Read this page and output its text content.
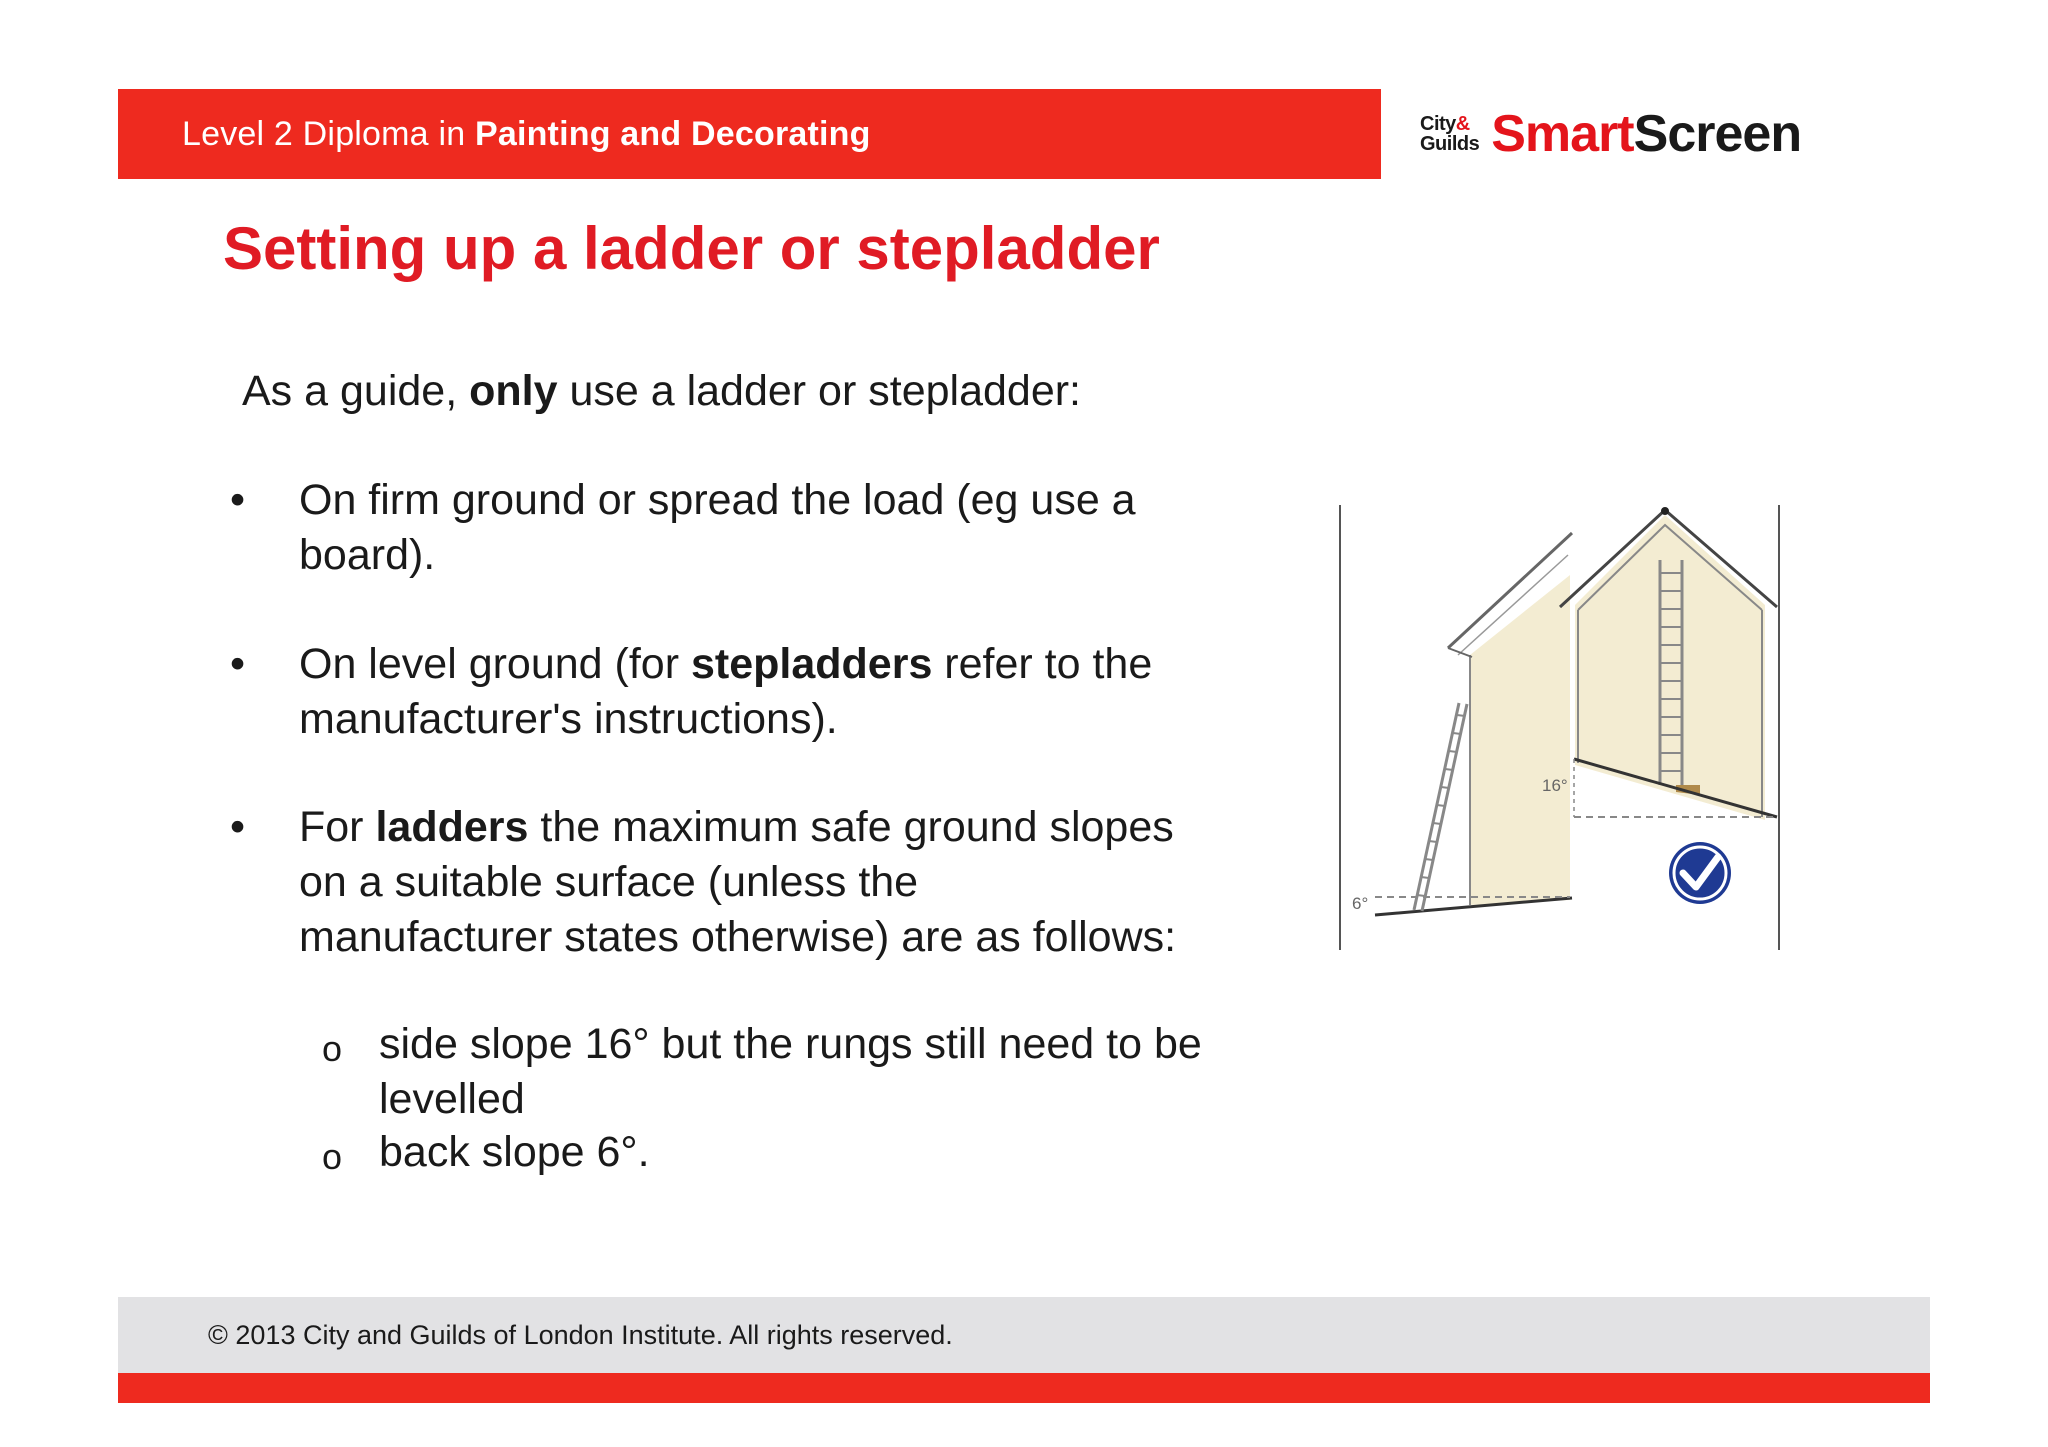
Level 2 Diploma in Painting and Decorating	City&
Guilds SmartScreen
Setting up a ladder or stepladder
As a guide, only use a ladder or stepladder:
• On firm ground or spread the load (eg use a board).
• On level ground (for stepladders refer to the manufacturer's instructions).
• For ladders the maximum safe ground slopes on a suitable surface (unless the manufacturer states otherwise) are as follows:
o side slope 16° but the rungs still need to be levelled
o back slope 6°.
6°
16°
© 2013 City and Guilds of London Institute. All rights reserved.
